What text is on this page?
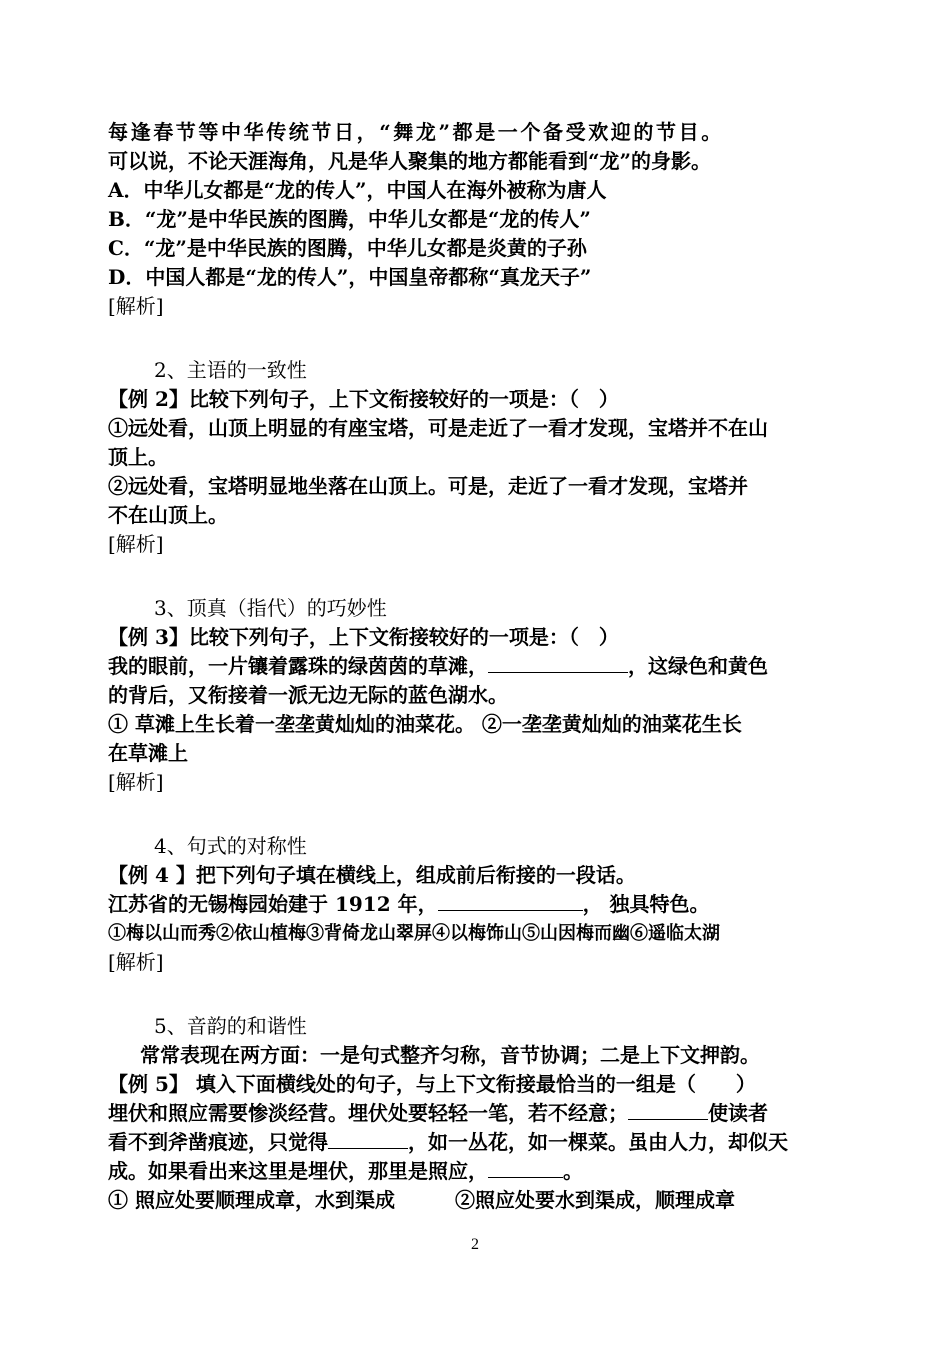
每逢春节等中华传统节日，“舞龙”都是一个备受欢迎的节目。
可以说，不论天涯海角，凡是华人聚集的地方都能看到“龙”的身影。
A．中华儿女都是“龙的传人”，中国人在海外被称为唐人
B．“龙”是中华民族的图腾，中华儿女都是“龙的传人”
C．“龙”是中华民族的图腾，中华儿女都是炎黄的子孙
D．中国人都是“龙的传人”，中国皇帝都称“真龙天子”
[解析]
2、主语的一致性
【例 2】比较下列句子，上下文衔接较好的一项是：（　）
①远处看，山顶上明显的有座宝塔，可是走近了一看才发现，宝塔并不在山
顶上。
②远处看，宝塔明显地坐落在山顶上。可是，走近了一看才发现，宝塔并
不在山顶上。
[解析]
3、顶真（指代）的巧妙性
【例 3】比较下列句子，上下文衔接较好的一项是：（　）
我的眼前，一片镶着露珠的绿茵茵的草滩，	，这绿色和黄色
的背后，又衔接着一派无边无际的蓝色湖水。
① 草滩上生长着一垄垄黄灿灿的油菜花。 ②一垄垄黄灿灿的油菜花生长
在草滩上
[解析]
4、句式的对称性
【例 4 】把下列句子填在横线上，组成前后衔接的一段话。
江苏省的无锡梅园始建于 1912 年，	， 独具特色。
①梅以山而秀②依山植梅③背倚龙山翠屏④以梅饰山⑤山因梅而幽⑥遥临太湖
[解析]
5、音韵的和谐性
常常表现在两方面：一是句式整齐匀称，音节协调；二是上下文押韵。
【例 5】 填入下面横线处的句子，与上下文衔接最恰当的一组是（　　）
埋伏和照应需要惨淡经营。埋伏处要轻轻一笔，若不经意；	使读者
看不到斧凿痕迹，只觉得	，如一丛花，如一棵菜。虽由人力，却似天
成。如果看出来这里是埋伏，那里是照应，	。
① 照应处要顺理成章，水到渠成　　　②照应处要水到渠成，顺理成章
2
